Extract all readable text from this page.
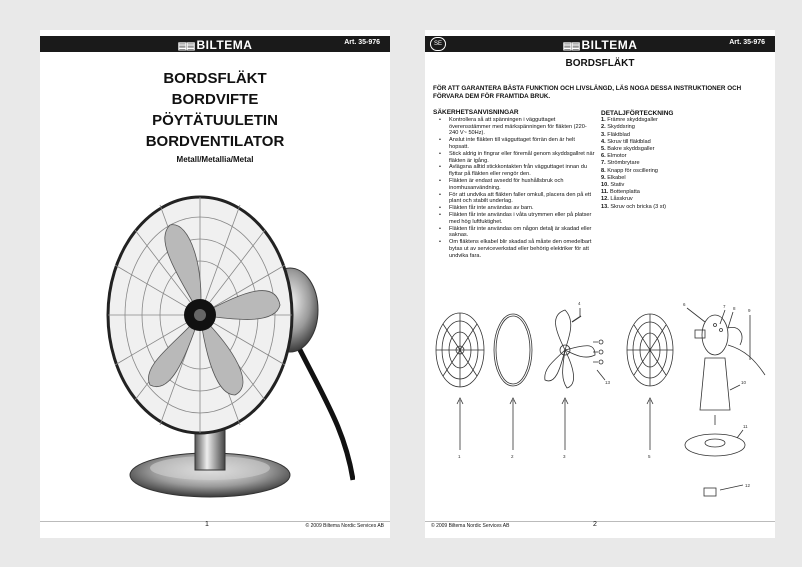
▤▤ BILTEMA	Art. 35-976
BORDSFLÄKT
BORDVIFTE
PÖYTÄTUULETIN
BORDVENTILATOR
Metall/Metallia/Metal
1	© 2009 Biltema Nordic Services AB
SE	▤▤ BILTEMA	Art. 35-976
BORDSFLÄKT
FÖR ATT GARANTERA BÄSTA FUNKTION OCH LIVSLÄNGD, LÄS NOGA DESSA INSTRUKTIONER OCH FÖRVARA DEM FÖR FRAMTIDA BRUK.
SÄKERHETSANVISNINGAR
• Kontrollera så att spänningen i vägguttaget överensstämmer med märkspänningen för fläkten (220-240 V~ 50Hz).
• Anslut inte fläkten till vägguttaget förrän den är helt hopsatt.
• Stick aldrig in fingrar eller föremål genom skyddsgallret när fläkten är igång.
• Avlägsna alltid stickkontakten från vägguttaget innan du flyttar på fläkten eller rengör den.
• Fläkten är endast avsedd för hushållsbruk och inomhusanvändning.
• För att undvika att fläkten faller omkull, placera den på ett plant och stabilt underlag.
• Fläkten får inte användas av barn.
• Fläkten får inte användas i våta utrymmen eller på platser med hög luftfuktighet.
• Fläkten får inte användas om någon detalj är skadad eller saknas.
• Om fläktens elkabel blir skadad så måste den omedelbart bytas ut av serviceverkstad eller behörig elektriker för att undvika fara.
DETALJFÖRTECKNING
1. Främre skyddsgaller
2. Skyddsring
3. Fläktblad
4. Skruv till fläktblad
5. Bakre skyddsgaller
6. Elmotor
7. Strömbrytare
8. Knapp för oscillering
9. Elkabel
10. Stativ
11. Bottenplatta
12. Låsskruv
13. Skruv och bricka (3 st)
1	2	3
4
5
6	7 8	9
10
11
12
13
© 2009 Biltema Nordic Services AB	2
